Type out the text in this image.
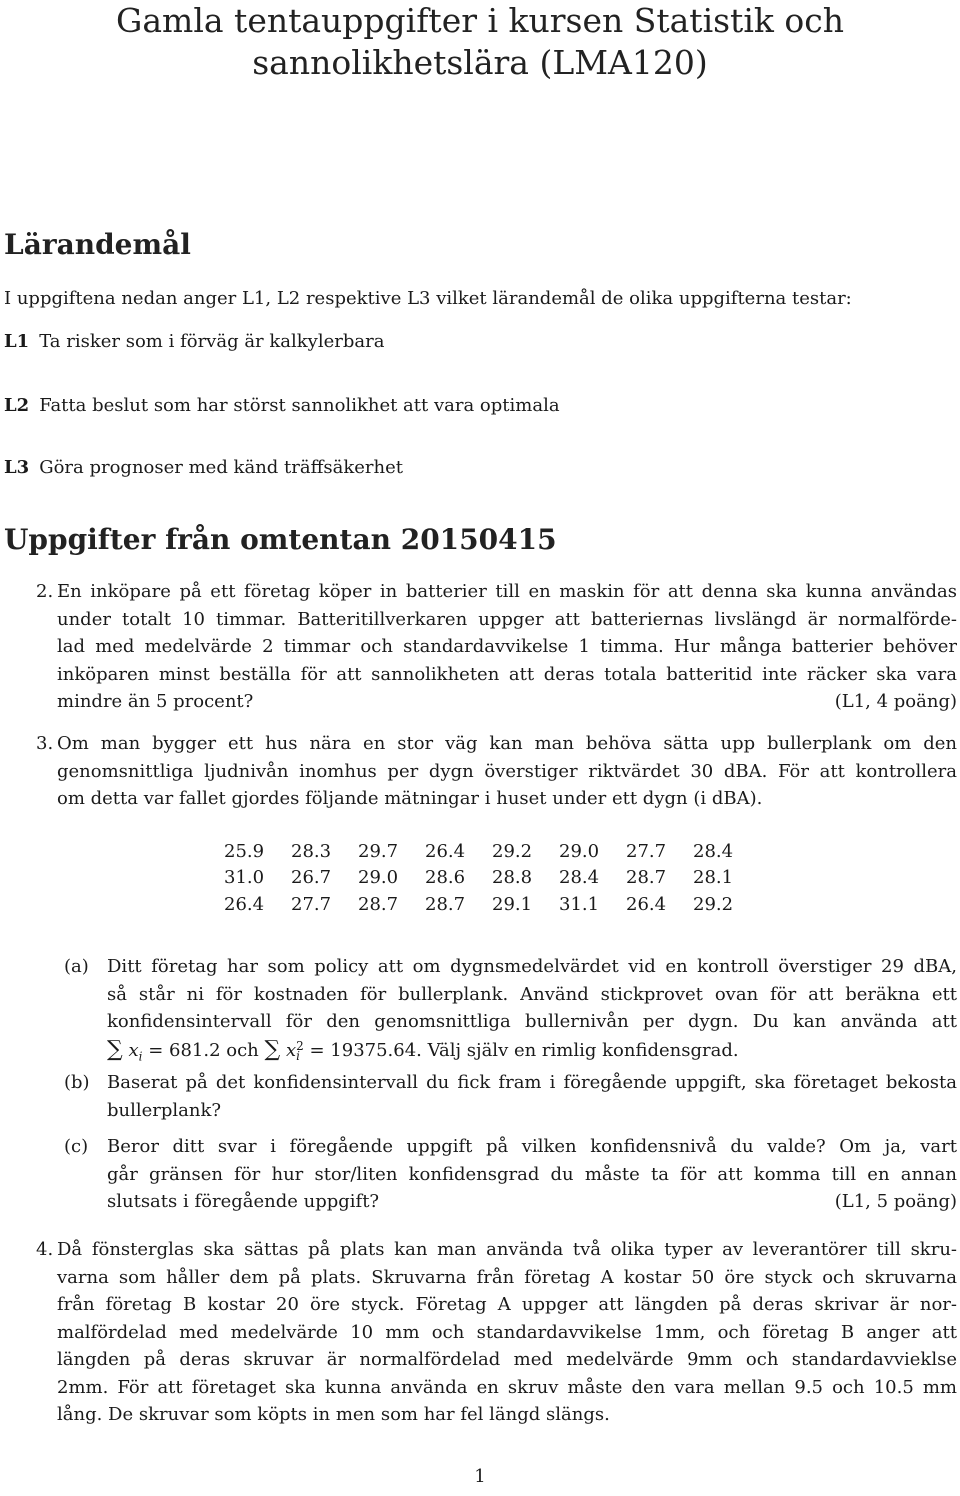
Gamla tentauppgifter i kursen Statistik och
sannolikhetslära (LMA120)
Lärandemål
I uppgiftena nedan anger L1, L2 respektive L3 vilket lärandemål de olika uppgifterna testar:
L1 Ta risker som i förväg är kalkylerbara
L2 Fatta beslut som har störst sannolikhet att vara optimala
L3 Göra prognoser med känd träffsäkerhet
Uppgifter från omtentan 20150415
2. En inköpare på ett företag köper in batterier till en maskin för att denna ska kunna användas
under totalt 10 timmar. Batteritillverkaren uppger att batteriernas livslängd är normalförde-
lad med medelvärde 2 timmar och standardavvikelse 1 timma. Hur många batterier behöver
inköparen minst beställa för att sannolikheten att deras totala batteritid inte räcker ska vara
mindre än 5 procent?	(L1, 4 poäng)
3. Om man bygger ett hus nära en stor väg kan man behöva sätta upp bullerplank om den
genomsnittliga ljudnivån inomhus per dygn överstiger riktvärdet 30 dBA. För att kontrollera
om detta var fallet gjordes följande mätningar i huset under ett dygn (i dBA).
25.9	28.3	29.7	26.4	29.2	29.0	27.7	28.4
31.0	26.7	29.0	28.6	28.8	28.4	28.7	28.1
26.4	27.7	28.7	28.7	29.1	31.1	26.4	29.2
(a) Ditt företag har som policy att om dygnsmedelvärdet vid en kontroll överstiger 29 dBA,
så står ni för kostnaden för bullerplank. Använd stickprovet ovan för att beräkna ett
konfidensintervall för den genomsnittliga bullernivån per dygn. Du kan använda att
∑ $x_i = 681.2$ och ∑ x 2
i = 19375.64. Välj själv en rimlig konfidensgrad.
(b) Baserat på det konfidensintervall du fick fram i föregående uppgift, ska företaget bekosta
bullerplank?
(c) Beror ditt svar i föregående uppgift på vilken konfidensnivå du valde? Om ja, vart
går gränsen för hur stor/liten konfidensgrad du måste ta för att komma till en annan
slutsats i föregående uppgift?	(L1, 5 poäng)
4. Då fönsterglas ska sättas på plats kan man använda två olika typer av leverantörer till skru-
varna som håller dem på plats. Skruvarna från företag A kostar 50 öre styck och skruvarna
från företag B kostar 20 öre styck. Företag A uppger att längden på deras skrivar är nor-
malfördelad med medelvärde 10 mm och standardavvikelse 1mm, och företag B anger att
längden på deras skruvar är normalfördelad med medelvärde 9mm och standardavvieklse
2mm. För att företaget ska kunna använda en skruv måste den vara mellan 9.5 och 10.5 mm
lång. De skruvar som köpts in men som har fel längd slängs.
1
